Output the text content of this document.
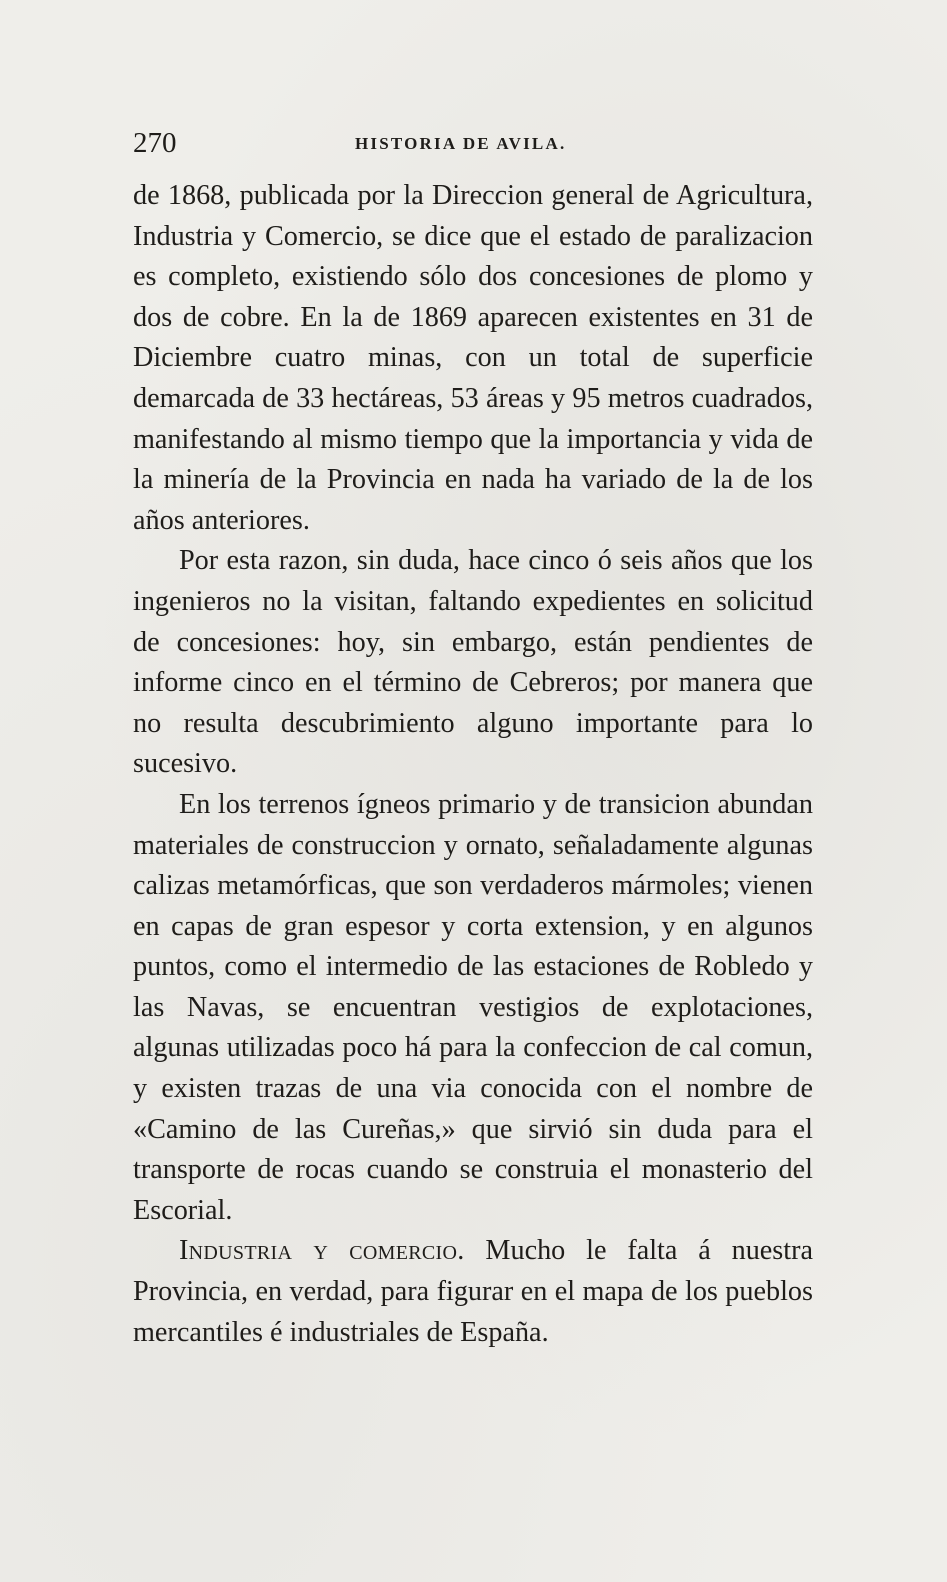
270	HISTORIA DE AVILA.

de 1868, publicada por la Direccion general de Agricultura, Industria y Comercio, se dice que el estado de paralizacion es completo, existiendo sólo dos concesiones de plomo y dos de cobre. En la de 1869 aparecen existentes en 31 de Diciembre cuatro minas, con un total de superficie demarcada de 33 hectáreas, 53 áreas y 95 metros cuadrados, manifestando al mismo tiempo que la importancia y vida de la minería de la Provincia en nada ha variado de la de los años anteriores.

Por esta razon, sin duda, hace cinco ó seis años que los ingenieros no la visitan, faltando expedientes en solicitud de concesiones: hoy, sin embargo, están pendientes de informe cinco en el término de Cebreros; por manera que no resulta descubrimiento alguno importante para lo sucesivo.

En los terrenos ígneos primario y de transicion abundan materiales de construccion y ornato, señaladamente algunas calizas metamórficas, que son verdaderos mármoles; vienen en capas de gran espesor y corta extension, y en algunos puntos, como el intermedio de las estaciones de Robledo y las Navas, se encuentran vestigios de explotaciones, algunas utilizadas poco há para la confeccion de cal comun, y existen trazas de una via conocida con el nombre de «Camino de las Cureñas,» que sirvió sin duda para el transporte de rocas cuando se construia el monasterio del Escorial.

Industria y comercio. Mucho le falta á nuestra Provincia, en verdad, para figurar en el mapa de los pueblos mercantiles é industriales de España.
